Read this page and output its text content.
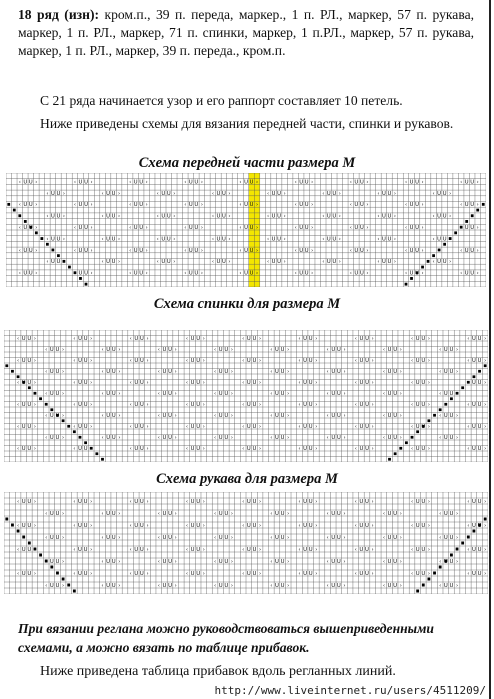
18 ряд (изн): кром.п., 39 п. переда, маркер., 1 п. РЛ., маркер, 57 п. рукава, маркер, 1 п. РЛ., маркер, 71 п. спинки, маркер, 1 п.РЛ., маркер, 57 п. рукава, маркер, 1 п. РЛ., маркер, 39 п. переда., кром.п.

С 21 ряда начинается узор и его раппорт составляет 10 петель.

Ниже приведены схемы для вязания передней части, спинки и рукавов.

Схема передней части размера М

‹ U U ›	‹ U U ›	‹ U U ›	‹ U U ›	‹ U U ›	‹ U U ›	‹ U U ›	‹ U U ›	‹ U U ›
‹ U U ›	‹ U U ›	‹ U U ›	‹ U U ›	‹ U U ›	‹ U U ›	‹ U U ›	‹ U U ›
‹ U U ›	‹ U U ›	‹ U U ›	‹ U U ›	‹ U U ›	‹ U U ›	‹ U U ›	‹ U U ›	‹ U U ›
‹ U U ›	‹ U U ›	‹ U U ›	‹ U U ›	‹ U U ›	‹ U U ›	‹ U U ›	‹ U U ›
‹ U ›	‹ U U ›	‹ U U ›	‹ U U ›	‹ U U ›	‹ U U ›	‹ U U ›	‹ U U ›	U U ›
‹ U U ›	‹ U U ›	‹ U U ›	‹ U U ›	‹ U U ›	‹ U U ›	‹ U U ›	‹ U U
‹ U U ›	‹ U U ›	‹ U U ›	‹ U U ›	‹ U U ›	‹ U U ›	‹ U U ›	‹ U U ›	‹ U U ›
‹ U U	‹ U U ›	‹ U U ›	‹ U U ›	‹ U U ›	‹ U U ›	‹ U U ›	‹ U U ›
‹ U U ›	U U ›	‹ U U ›	‹ U U ›	‹ U U ›	‹ U U ›	‹ U U ›	‹ U ›	‹ U U ›

Схема спинки для размера М

‹ U U ›	‹ U U ›	‹ U U ›	‹ U U ›	‹ U U ›	‹ U U ›	‹ U U ›	‹ U U ›	‹ U U ›
‹ U U ›	‹ U U ›	‹ U U ›	‹ U U ›	‹ U U ›	‹ U U ›	‹ U U ›	‹ U U ›
‹ U U ›	‹ U U ›	‹ U U ›	‹ U U ›	‹ U U ›	‹ U U ›	‹ U U ›	‹ U U ›	‹ U U ›
‹ U U ›	‹ U U ›	‹ U U ›	‹ U U ›	‹ U U ›	‹ U U ›	‹ U U ›	‹ U U ›
‹ U ›	‹ U U ›	‹ U U ›	‹ U U ›	‹ U U ›	‹ U U ›	‹ U U ›	‹ U U ›	U U ›
‹ U U ›	‹ U U ›	‹ U U ›	‹ U U ›	‹ U U ›	‹ U U ›	‹ U U ›	‹ U U
‹ U U ›	‹ U U ›	‹ U U ›	‹ U U ›	‹ U U ›	‹ U U ›	‹ U U ›	‹ U U ›	‹ U U ›
‹ U ›	‹ U U ›	‹ U U ›	‹ U U ›	‹ U U ›	‹ U U ›	‹ U U ›	‹ U U ›
‹ U U ›	‹ U U ›	‹ U U ›	‹ U U ›	‹ U U ›	‹ U U ›	‹ U U ›	‹ U ›	‹ U U ›
‹ U U ›	‹ U U ›	‹ U U ›	‹ U U ›	‹ U U ›	‹ U U ›	‹ U U ›	‹ U U ›
‹ U U ›	‹ U U	‹ U U ›	‹ U U ›	‹ U U ›	‹ U U ›	‹ U U ›	‹ U U ›	‹ U U ›

Схема рукава для размера М

‹ U U ›	‹ U U ›	‹ U U ›	‹ U U ›	‹ U U ›	‹ U U ›	‹ U U ›	‹ U U ›	‹ U U ›
‹ U U ›	‹ U U ›	‹ U U ›	‹ U U ›	‹ U U ›	‹ U U ›	‹ U U ›	‹ U U ›
‹ U U ›	‹ U U ›	‹ U U ›	‹ U U ›	‹ U U ›	‹ U U ›	‹ U U ›	‹ U U ›	‹ U ›
‹ U U ›	‹ U U ›	‹ U U ›	‹ U U ›	‹ U U ›	‹ U U ›	‹ U U ›	‹ U U ›
‹ U U	‹ U U ›	‹ U U ›	‹ U U ›	‹ U U ›	‹ U U ›	‹ U U ›	‹ U U ›	‹ U U ›
U U ›	‹ U U ›	‹ U U ›	‹ U U ›	‹ U U ›	‹ U U ›	‹ U U ›	‹ U ›
‹ U U ›	‹ U U ›	‹ U U ›	‹ U U ›	‹ U U ›	‹ U U ›	‹ U U ›	‹ U U ›	‹ U U ›
‹ U U ›	‹ U U ›	‹ U U ›	‹ U U ›	‹ U U ›	‹ U U ›	‹ U U ›	‹ U U ›

При вязании реглана можно руководствоваться вышеприведенными схемами, а можно вязать по таблице прибавок.

Ниже приведена таблица прибавок вдоль регланных линий.

http://www.liveinternet.ru/users/4511209/
